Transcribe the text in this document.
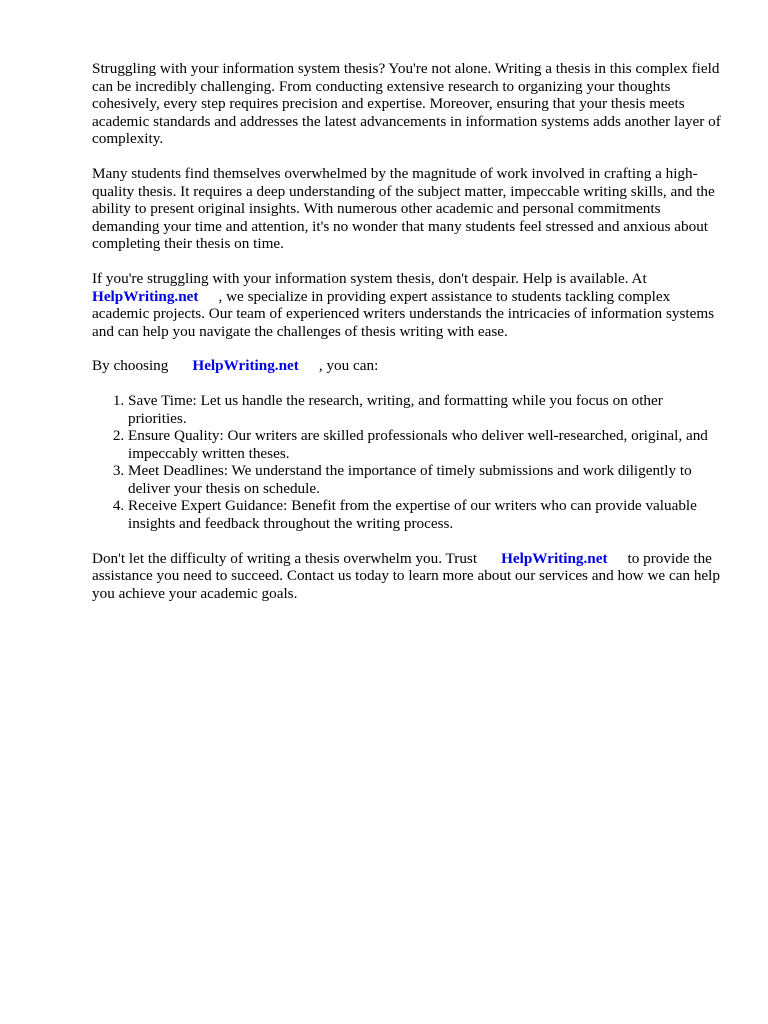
Struggling with your information system thesis? You're not alone. Writing a thesis in this complex field can be incredibly challenging. From conducting extensive research to organizing your thoughts cohesively, every step requires precision and expertise. Moreover, ensuring that your thesis meets academic standards and addresses the latest advancements in information systems adds another layer of complexity.

Many students find themselves overwhelmed by the magnitude of work involved in crafting a high-quality thesis. It requires a deep understanding of the subject matter, impeccable writing skills, and the ability to present original insights. With numerous other academic and personal commitments demanding your time and attention, it's no wonder that many students feel stressed and anxious about completing their thesis on time.

If you're struggling with your information system thesis, don't despair. Help is available. At
HelpWriting.net , we specialize in providing expert assistance to students tackling complex academic projects. Our team of experienced writers understands the intricacies of information systems and can help you navigate the challenges of thesis writing with ease.

By choosing HelpWriting.net , you can:

1. Save Time: Let us handle the research, writing, and formatting while you focus on other priorities.
2. Ensure Quality: Our writers are skilled professionals who deliver well-researched, original, and impeccably written theses.
3. Meet Deadlines: We understand the importance of timely submissions and work diligently to deliver your thesis on schedule.
4. Receive Expert Guidance: Benefit from the expertise of our writers who can provide valuable insights and feedback throughout the writing process.

Don't let the difficulty of writing a thesis overwhelm you. Trust HelpWriting.net to provide the assistance you need to succeed. Contact us today to learn more about our services and how we can help you achieve your academic goals.
